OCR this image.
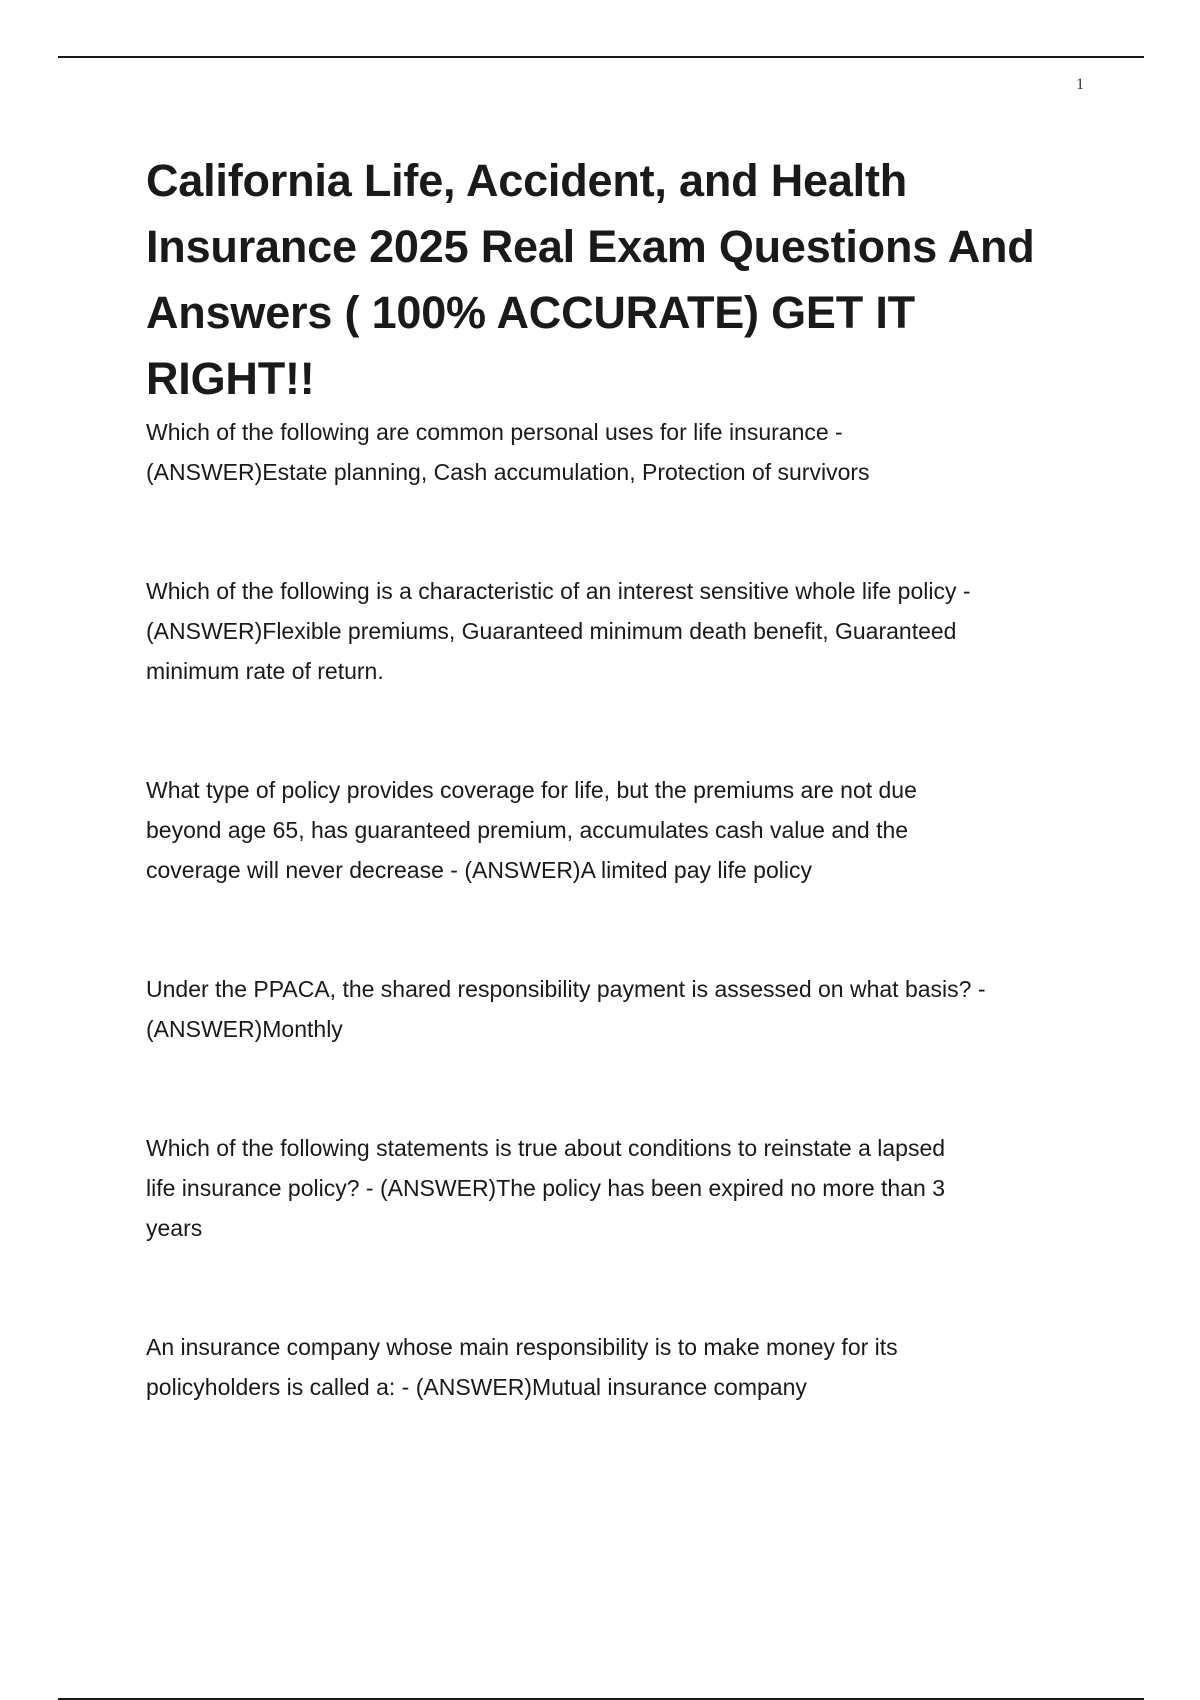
1
California Life, Accident, and Health
Insurance 2025 Real Exam Questions And
Answers ( 100% ACCURATE) GET IT
RIGHT!!
Which of the following are common personal uses for life insurance -
(ANSWER)Estate planning, Cash accumulation, Protection of survivors
Which of the following is a characteristic of an interest sensitive whole life policy -
(ANSWER)Flexible premiums, Guaranteed minimum death benefit, Guaranteed
minimum rate of return.
What type of policy provides coverage for life, but the premiums are not due
beyond age 65, has guaranteed premium, accumulates cash value and the
coverage will never decrease - (ANSWER)A limited pay life policy
Under the PPACA, the shared responsibility payment is assessed on what basis? -
(ANSWER)Monthly
Which of the following statements is true about conditions to reinstate a lapsed
life insurance policy? - (ANSWER)The policy has been expired no more than 3
years
An insurance company whose main responsibility is to make money for its
policyholders is called a: - (ANSWER)Mutual insurance company
